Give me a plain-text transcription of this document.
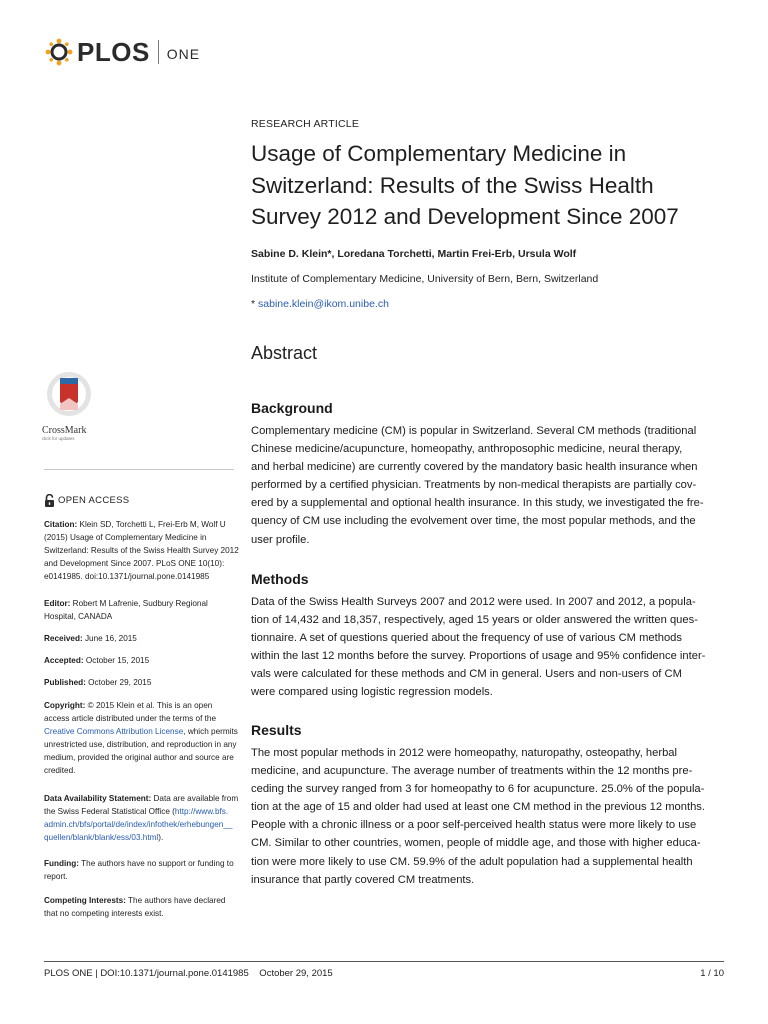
PLOS ONE
RESEARCH ARTICLE
Usage of Complementary Medicine in Switzerland: Results of the Swiss Health Survey 2012 and Development Since 2007
Sabine D. Klein*, Loredana Torchetti, Martin Frei-Erb, Ursula Wolf
Institute of Complementary Medicine, University of Bern, Bern, Switzerland
* sabine.klein@ikom.unibe.ch
Abstract
Background

Complementary medicine (CM) is popular in Switzerland. Several CM methods (traditional
Chinese medicine/acupuncture, homeopathy, anthroposophic medicine, neural therapy,
and herbal medicine) are currently covered by the mandatory basic health insurance when
performed by a certified physician. Treatments by non-medical therapists are partially cov-
ered by a supplemental and optional health insurance. In this study, we investigated the fre-
quency of CM use including the evolvement over time, the most popular methods, and the
user profile.

Methods

Data of the Swiss Health Surveys 2007 and 2012 were used. In 2007 and 2012, a popula-
tion of 14,432 and 18,357, respectively, aged 15 years or older answered the written ques-
tionnaire. A set of questions queried about the frequency of use of various CM methods
within the last 12 months before the survey. Proportions of usage and 95% confidence inter-
vals were calculated for these methods and CM in general. Users and non-users of CM
were compared using logistic regression models.

Results

The most popular methods in 2012 were homeopathy, naturopathy, osteopathy, herbal
medicine, and acupuncture. The average number of treatments within the 12 months pre-
ceding the survey ranged from 3 for homeopathy to 6 for acupuncture. 25.0% of the popula-
tion at the age of 15 and older had used at least one CM method in the previous 12 months.
People with a chronic illness or a poor self-perceived health status were more likely to use
CM. Similar to other countries, women, people of middle age, and those with higher educa-
tion were more likely to use CM. 59.9% of the adult population had a supplemental health
insurance that partly covered CM treatments.

CrossMark
click for updates
OPEN ACCESS

Citation: Klein SD, Torchetti L, Frei-Erb M, Wolf U
(2015) Usage of Complementary Medicine in
Switzerland: Results of the Swiss Health Survey 2012
and Development Since 2007. PLoS ONE 10(10):
e0141985. doi:10.1371/journal.pone.0141985

Editor: Robert M Lafrenie, Sudbury Regional
Hospital, CANADA

Received: June 16, 2015

Accepted: October 15, 2015

Published: October 29, 2015

Copyright: © 2015 Klein et al. This is an open
access article distributed under the terms of the
Creative Commons Attribution License, which permits
unrestricted use, distribution, and reproduction in any
medium, provided the original author and source are
credited.

Data Availability Statement: Data are available from
the Swiss Federal Statistical Office (http://www.bfs.
admin.ch/bfs/portal/de/index/infothek/erhebungen__
quellen/blank/blank/ess/03.html).

Funding: The authors have no support or funding to
report.

Competing Interests: The authors have declared
that no competing interests exist.

PLOS ONE | DOI:10.1371/journal.pone.0141985    October 29, 2015	1 / 10
